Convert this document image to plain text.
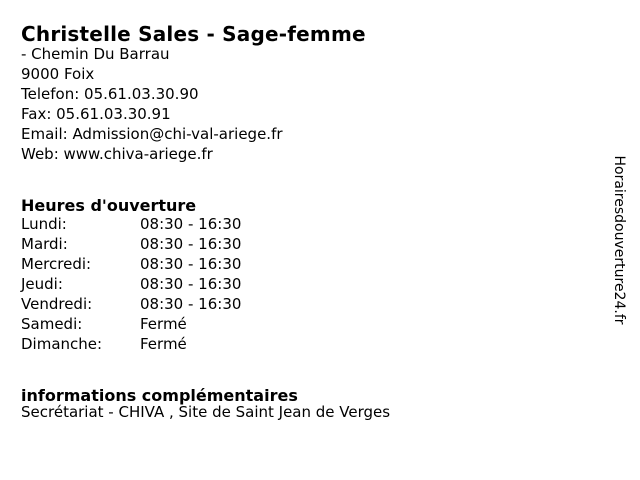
Christelle Sales - Sage-femme
- Chemin Du Barrau
9000 Foix
Telefon: 05.61.03.30.90
Fax: 05.61.03.30.91
Email: Admission@chi-val-ariege.fr
Web: www.chiva-ariege.fr
Heures d'ouverture
Lundi:	08:30 - 16:30
Mardi:	08:30 - 16:30
Mercredi:	08:30 - 16:30
Jeudi:	08:30 - 16:30
Vendredi:	08:30 - 16:30
Samedi:	Fermé
Dimanche:	Fermé
informations complémentaires
Secrétariat - CHIVA , Site de Saint Jean de Verges
Horairesdouverture24.fr
